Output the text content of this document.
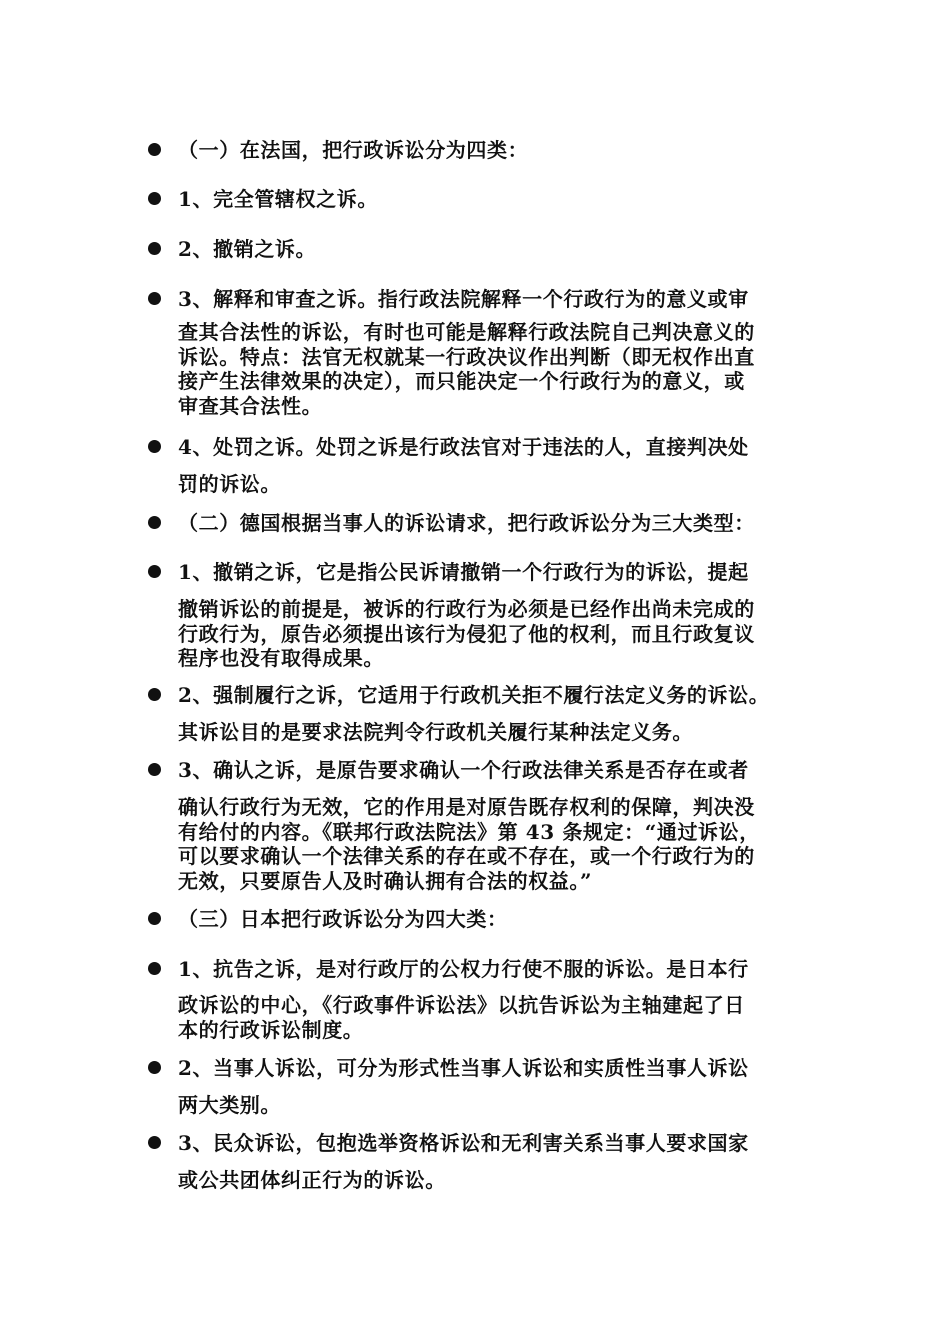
（一）在法国，把行政诉讼分为四类：
1、完全管辖权之诉。
2、撤销之诉。
3、解释和审查之诉。指行政法院解释一个行政行为的意义或审
查其合法性的诉讼，有时也可能是解释行政法院自己判决意义的
诉讼。特点：法官无权就某一行政决议作出判断（即无权作出直
接产生法律效果的决定），而只能决定一个行政行为的意义，或
审查其合法性。
4、处罚之诉。处罚之诉是行政法官对于违法的人，直接判决处
罚的诉讼。
（二）德国根据当事人的诉讼请求，把行政诉讼分为三大类型：
1、撤销之诉，它是指公民诉请撤销一个行政行为的诉讼，提起
撤销诉讼的前提是，被诉的行政行为必须是已经作出尚未完成的
行政行为，原告必须提出该行为侵犯了他的权利，而且行政复议
程序也没有取得成果。
2、强制履行之诉，它适用于行政机关拒不履行法定义务的诉讼。
其诉讼目的是要求法院判令行政机关履行某种法定义务。
3、确认之诉，是原告要求确认一个行政法律关系是否存在或者
确认行政行为无效，它的作用是对原告既存权利的保障，判决没
有给付的内容。《联邦行政法院法》第 43 条规定：“通过诉讼，
可以要求确认一个法律关系的存在或不存在，或一个行政行为的
无效，只要原告人及时确认拥有合法的权益。”
（三）日本把行政诉讼分为四大类：
1、抗告之诉，是对行政厅的公权力行使不服的诉讼。是日本行
政诉讼的中心，《行政事件诉讼法》以抗告诉讼为主轴建起了日
本的行政诉讼制度。
2、当事人诉讼，可分为形式性当事人诉讼和实质性当事人诉讼
两大类别。
3、民众诉讼，包抱选举资格诉讼和无利害关系当事人要求国家
或公共团体纠正行为的诉讼。
